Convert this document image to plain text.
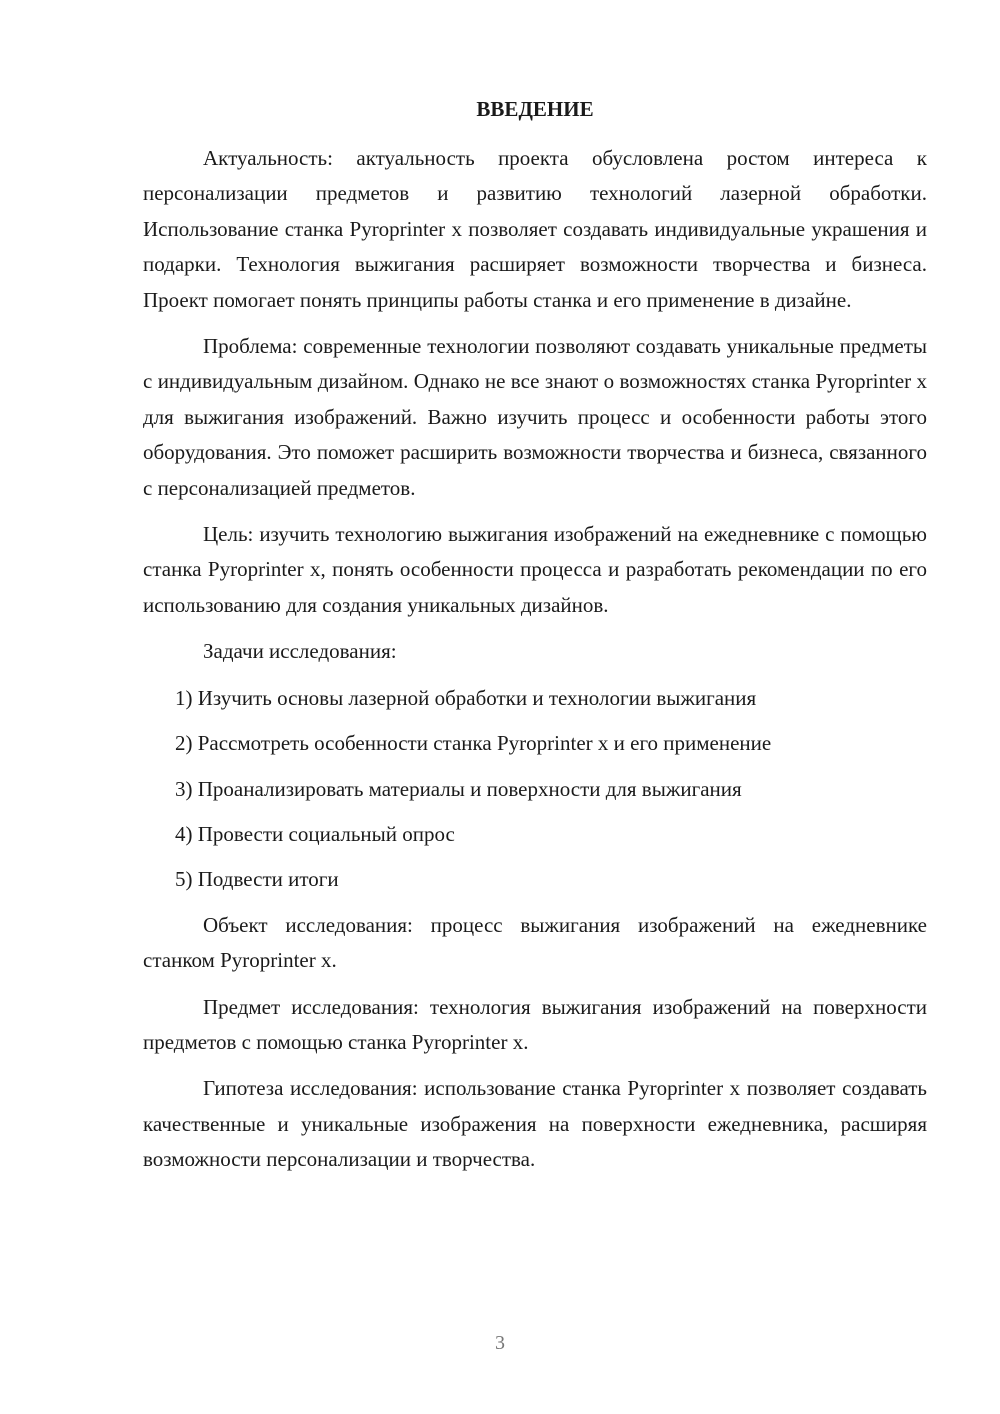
ВВЕДЕНИЕ

Актуальность: актуальность проекта обусловлена ростом интереса к персонализации предметов и развитию технологий лазерной обработки. Использование станка Pyroprinter x позволяет создавать индивидуальные украшения и подарки. Технология выжигания расширяет возможности творчества и бизнеса. Проект помогает понять принципы работы станка и его применение в дизайне.

Проблема: современные технологии позволяют создавать уникальные предметы с индивидуальным дизайном. Однако не все знают о возможностях станка Pyroprinter x для выжигания изображений. Важно изучить процесс и особенности работы этого оборудования. Это поможет расширить возможности творчества и бизнеса, связанного с персонализацией предметов.

Цель: изучить технологию выжигания изображений на ежедневнике с помощью станка Pyroprinter x, понять особенности процесса и разработать рекомендации по его использованию для создания уникальных дизайнов.

Задачи исследования:

1) Изучить основы лазерной обработки и технологии выжигания

2) Рассмотреть особенности станка Pyroprinter x и его применение

3) Проанализировать материалы и поверхности для выжигания

4) Провести социальный опрос

5) Подвести итоги

Объект исследования: процесс выжигания изображений на ежедневнике станком Pyroprinter x.

Предмет исследования: технология выжигания изображений на поверхности предметов с помощью станка Pyroprinter x.

Гипотеза исследования: использование станка Pyroprinter x позволяет создавать качественные и уникальные изображения на поверхности ежедневника, расширяя возможности персонализации и творчества.

3
